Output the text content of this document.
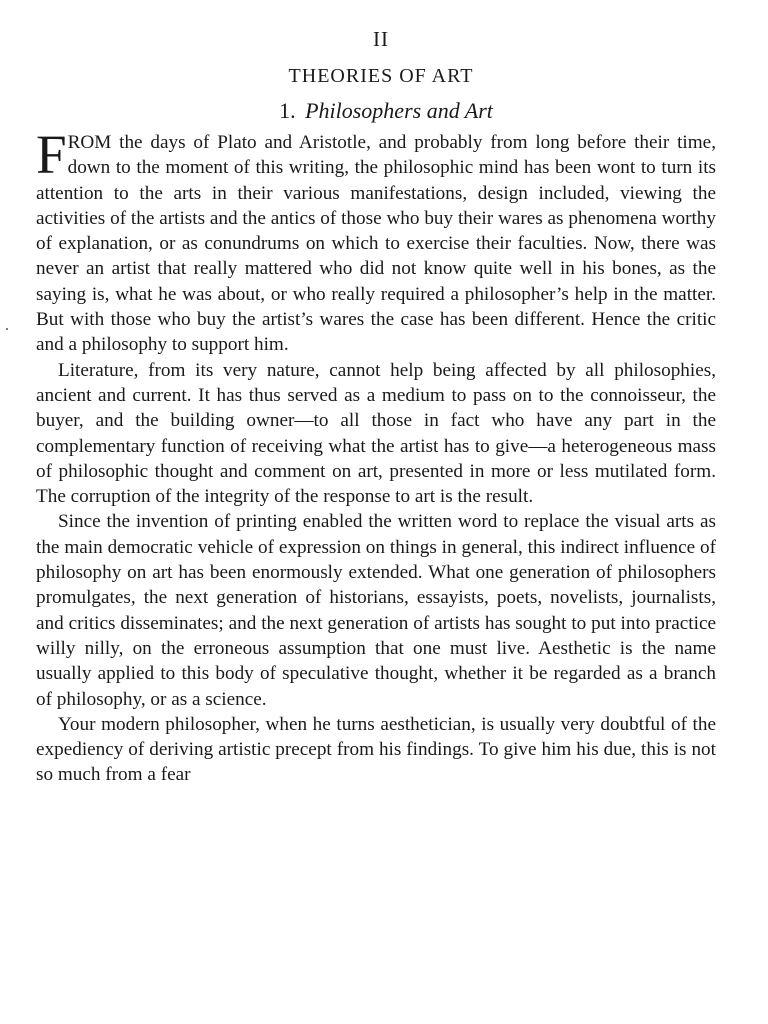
II
THEORIES OF ART
1. Philosophers and Art

FROM the days of Plato and Aristotle, and probably from long before their time, down to the moment of this writing, the philosophic mind has been wont to turn its attention to the arts in their various manifestations, design included, viewing the activities of the artists and the antics of those who buy their wares as phenomena worthy of explanation, or as conundrums on which to exercise their faculties. Now, there was never an artist that really mattered who did not know quite well in his bones, as the saying is, what he was about, or who really required a philosopher’s help in the matter. But with those who buy the artist’s wares the case has been different. Hence the critic and a philosophy to support him.

Literature, from its very nature, cannot help being affected by all philosophies, ancient and current. It has thus served as a medium to pass on to the connoisseur, the buyer, and the building owner—to all those in fact who have any part in the complementary function of receiving what the artist has to give—a heterogeneous mass of philosophic thought and comment on art, presented in more or less mutilated form. The corruption of the integrity of the response to art is the result.

Since the invention of printing enabled the written word to replace the visual arts as the main democratic vehicle of expression on things in general, this indirect influence of philosophy on art has been enormously extended. What one generation of philosophers promulgates, the next generation of historians, essayists, poets, novelists, journalists, and critics disseminates; and the next generation of artists has sought to put into practice willy nilly, on the erroneous assumption that one must live. Aesthetic is the name usually applied to this body of speculative thought, whether it be regarded as a branch of philosophy, or as a science.

Your modern philosopher, when he turns aesthetician, is usually very doubtful of the expediency of deriving artistic precept from his findings. To give him his due, this is not so much from a fear
